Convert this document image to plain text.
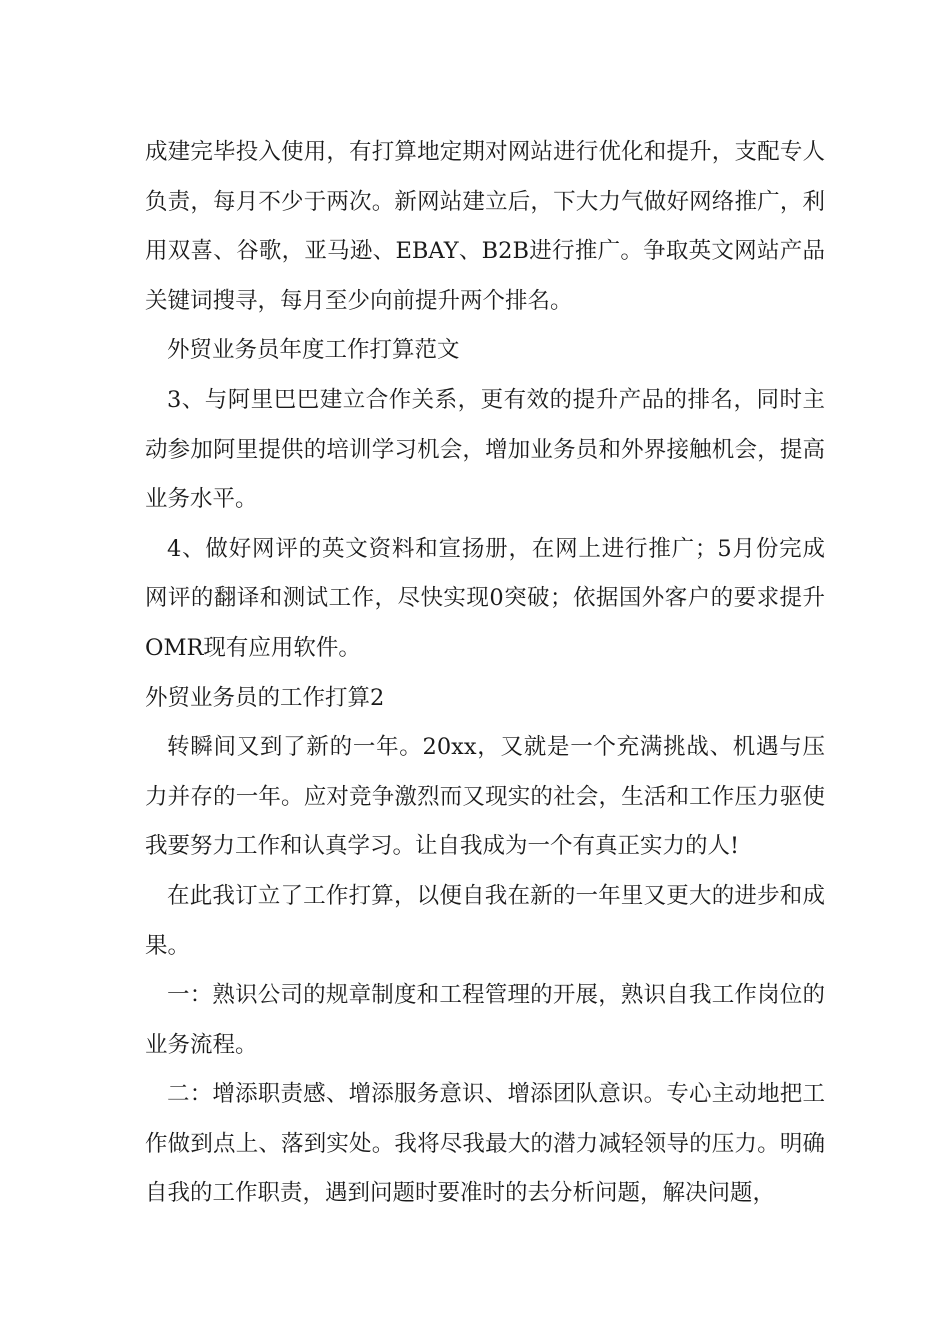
成建完毕投入使用，有打算地定期对网站进行优化和提升，支配专人负责，每月不少于两次。新网站建立后，下大力气做好网络推广，利用双喜、谷歌，亚马逊、EBAY、B2B进行推广。争取英文网站产品关键词搜寻，每月至少向前提升两个排名。

外贸业务员年度工作打算范文

3、与阿里巴巴建立合作关系，更有效的提升产品的排名，同时主动参加阿里提供的培训学习机会，增加业务员和外界接触机会，提高业务水平。

4、做好网评的英文资料和宣扬册，在网上进行推广；5月份完成网评的翻译和测试工作，尽快实现0突破；依据国外客户的要求提升OMR现有应用软件。

外贸业务员的工作打算2

转瞬间又到了新的一年。20xx，又就是一个充满挑战、机遇与压力并存的一年。应对竞争激烈而又现实的社会，生活和工作压力驱使我要努力工作和认真学习。让自我成为一个有真正实力的人!

在此我订立了工作打算，以便自我在新的一年里又更大的进步和成果。

一：熟识公司的规章制度和工程管理的开展，熟识自我工作岗位的业务流程。

二：增添职责感、增添服务意识、增添团队意识。专心主动地把工作做到点上、落到实处。我将尽我最大的潜力减轻领导的压力。明确自我的工作职责，遇到问题时要准时的去分析问题，解决问题，
